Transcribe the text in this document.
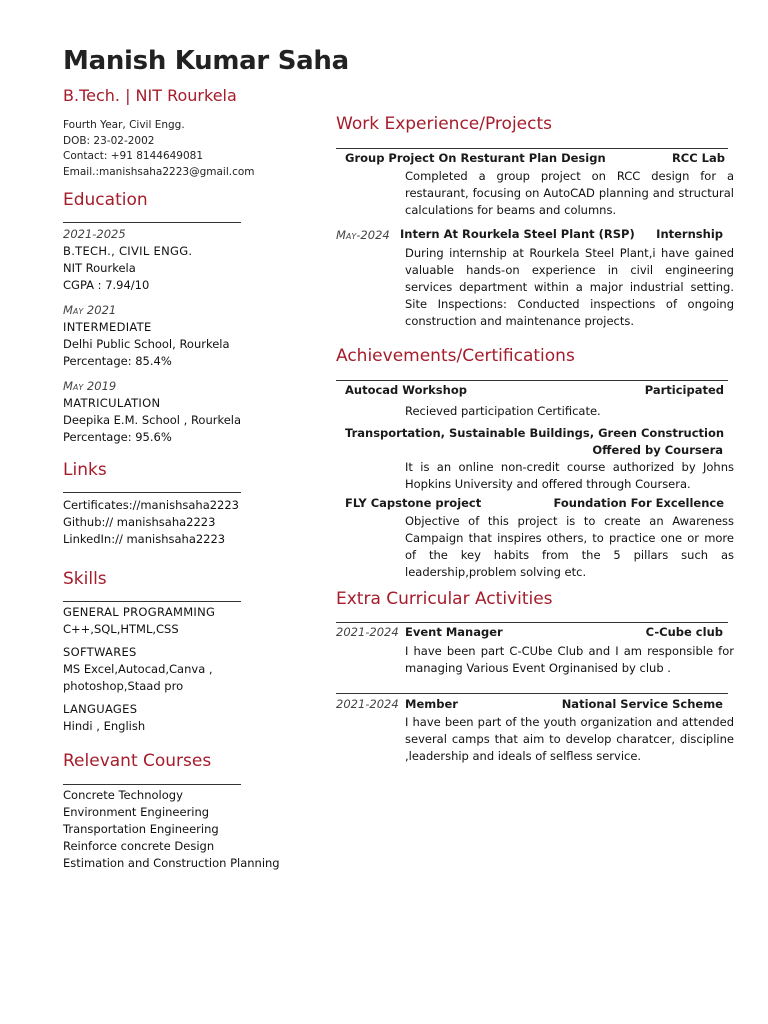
Manish Kumar Saha
B.Tech. | NIT Rourkela
Fourth Year, Civil Engg.
DOB: 23-02-2002
Contact: +91 8144649081
Email.:manishsaha2223@gmail.com
Education
2021-2025
B.TECH., CIVIL ENGG.
NIT Rourkela
CGPA : 7.94/10
May 2021
INTERMEDIATE
Delhi Public School, Rourkela
Percentage: 85.4%
May 2019
MATRICULATION
Deepika E.M. School , Rourkela
Percentage: 95.6%
Links
Certificates://manishsaha2223
Github:// manishsaha2223
LinkedIn:// manishsaha2223
Skills
GENERAL PROGRAMMING
C++,SQL,HTML,CSS
SOFTWARES
MS Excel,Autocad,Canva , photoshop,Staad pro
LANGUAGES
Hindi , English
Relevant Courses
Concrete Technology
Environment Engineering
Transportation Engineering
Reinforce concrete Design
Estimation and Construction Planning
Work Experience/Projects
Group Project On Resturant Plan Design	RCC Lab
Completed a group project on RCC design for a restaurant, focusing on AutoCAD planning and structural calculations for beams and columns.
May-2024 Intern At Rourkela Steel Plant (RSP) Internship
During internship at Rourkela Steel Plant,i have gained valuable hands-on experience in civil engineering services department within a major industrial setting. Site Inspections: Conducted inspections of ongoing construction and maintenance projects.
Achievements/Certifications
Autocad Workshop	Participated
Recieved participation Certificate.
Transportation, Sustainable Buildings, Green Construction
Offered by Coursera
It is an online non-credit course authorized by Johns Hopkins University and offered through Coursera.
FLY Capstone project	Foundation For Excellence
Objective of this project is to create an Awareness Campaign that inspires others, to practice one or more of the key habits from the 5 pillars such as leadership,problem solving etc.
Extra Curricular Activities
2021-2024 Event Manager	C-Cube club
I have been part C-CUbe Club and I am responsible for managing Various Event Orginanised by club .
2021-2024 Member	National Service Scheme
I have been part of the youth organization and attended several camps that aim to develop charatcer, discipline ,leadership and ideals of selfless service.
